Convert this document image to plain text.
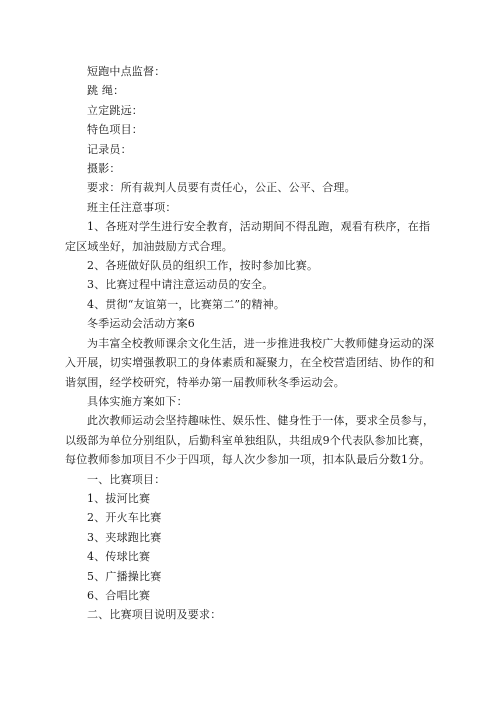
短跑中点监督：

跳 绳：

立定跳远：

特色项目：

记录员：

摄影：

要求：所有裁判人员要有责任心，公正、公平、合理。

班主任注意事项：

1、各班对学生进行安全教育，活动期间不得乱跑，观看有秩序，在指定区域坐好，加油鼓励方式合理。

2、各班做好队员的组织工作，按时参加比赛。

3、比赛过程中请注意运动员的安全。

4、贯彻“友谊第一，比赛第二”的精神。

冬季运动会活动方案6

为丰富全校教师课余文化生活，进一步推进我校广大教师健身运动的深入开展，切实增强教职工的身体素质和凝聚力，在全校营造团结、协作的和谐氛围，经学校研究，特举办第一届教师秋冬季运动会。

具体实施方案如下：

此次教师运动会坚持趣味性、娱乐性、健身性于一体，要求全员参与，以级部为单位分别组队，后勤科室单独组队，共组成9个代表队参加比赛，每位教师参加项目不少于四项，每人次少参加一项，扣本队最后分数1分。

一、比赛项目：

1、拔河比赛

2、开火车比赛

3、夹球跑比赛

4、传球比赛

5、广播操比赛

6、合唱比赛

二、比赛项目说明及要求：
